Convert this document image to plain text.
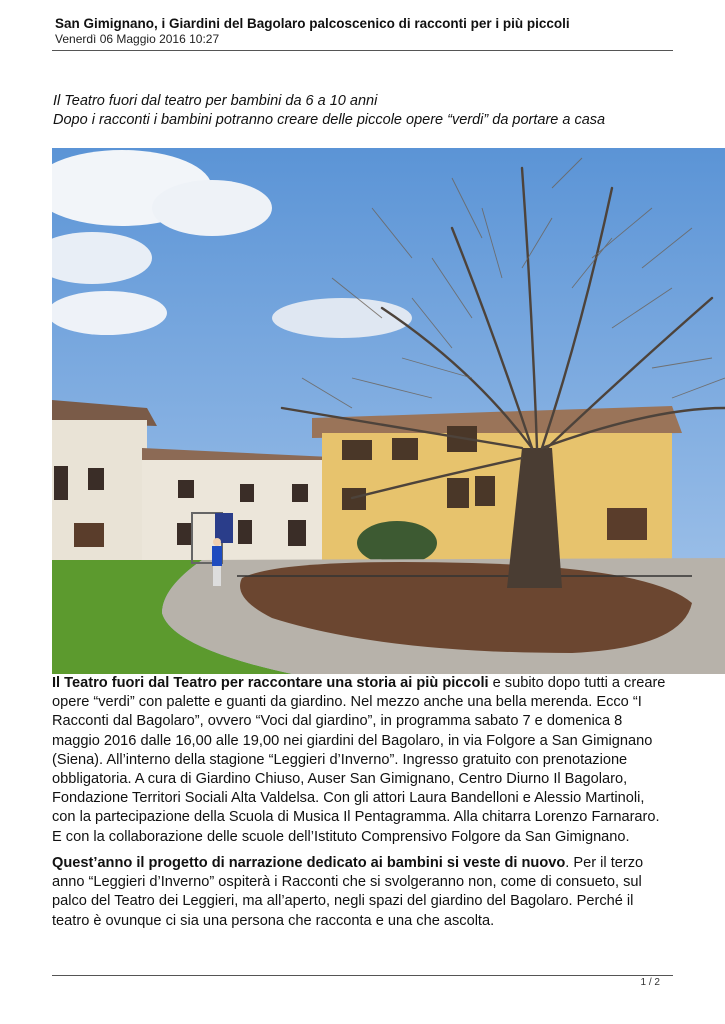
San Gimignano, i Giardini del Bagolaro palcoscenico di racconti per i più piccoli
Venerdì 06 Maggio 2016 10:27
Il Teatro fuori dal teatro per bambini da 6 a 10 anni
Dopo i racconti i bambini potranno creare delle piccole opere “verdi” da portare a casa

Il Teatro fuori dal Teatro per raccontare una storia ai più piccoli e subito dopo tutti a creare opere “verdi” con palette e guanti da giardino. Nel mezzo anche una bella merenda. Ecco “I Racconti dal Bagolaro”, ovvero “Voci dal giardino”, in programma sabato 7 e domenica 8 maggio 2016 dalle 16,00 alle 19,00 nei giardini del Bagolaro, in via Folgore a San Gimignano (Siena). All’interno della stagione “Leggieri d’Inverno”. Ingresso gratuito con prenotazione obbligatoria. A cura di Giardino Chiuso, Auser San Gimignano, Centro Diurno Il Bagolaro, Fondazione Territori Sociali Alta Valdelsa. Con gli attori Laura Bandelloni e Alessio Martinoli, con la partecipazione della Scuola di Musica Il Pentagramma. Alla chitarra Lorenzo Farnararo. E con la collaborazione delle scuole dell’Istituto Comprensivo Folgore da San Gimignano.

Quest’anno il progetto di narrazione dedicato ai bambini si veste di nuovo. Per il terzo anno “Leggieri d’Inverno” ospiterà i Racconti che si svolgeranno non, come di consueto, sul palco del Teatro dei Leggieri, ma all’aperto, negli spazi del giardino del Bagolaro. Perché il teatro è ovunque ci sia una persona che racconta e una che ascolta.

1 / 2
